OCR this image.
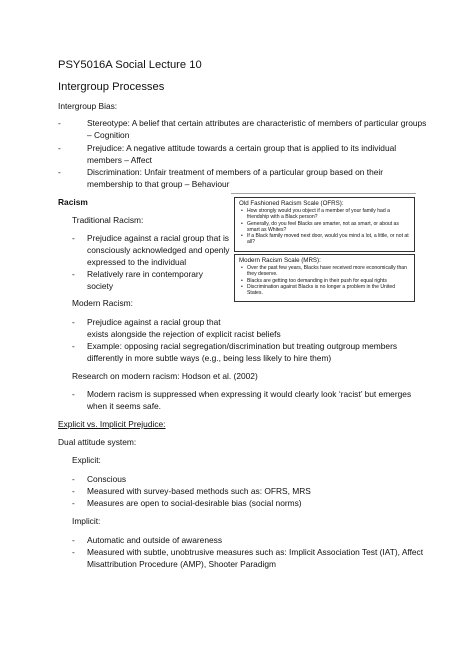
PSY5016A Social Lecture 10
Intergroup Processes
Intergroup Bias:
-	Stereotype: A belief that certain attributes are characteristic of members of particular groups
– Cognition
-	Prejudice: A negative attitude towards a certain group that is applied to its individual
members – Affect
-	Discrimination: Unfair treatment of members of a particular group based on their
membership to that group – Behaviour
Racism
Traditional Racism:
- Prejudice against a racial group that is
consciously acknowledged and openly
expressed to the individual
- Relatively rare in contemporary
society
Modern Racism:
- Prejudice against a racial group that
exists alongside the rejection of explicit racist beliefs
- Example: opposing racial segregation/discrimination but treating outgroup members
differently in more subtle ways (e.g., being less likely to hire them)
Research on modern racism: Hodson et al. (2002)
- Modern racism is suppressed when expressing it would clearly look ‘racist’ but emerges
when it seems safe.
Explicit vs. Implicit Prejudice:
Dual attitude system:
Explicit:
- Conscious
- Measured with survey-based methods such as: OFRS, MRS
- Measures are open to social-desirable bias (social norms)
Implicit:
- Automatic and outside of awareness
- Measured with subtle, unobtrusive measures such as: Implicit Association Test (IAT), Affect
Misattribution Procedure (AMP), Shooter Paradigm
Old Fashioned Racism Scale (OFRS):
• How strongly would you object if a member of your family had a friendship with a Black person?
• Generally, do you feel Blacks are smarter, not as smart, or about as smart as Whites?
• If a Black family moved next door, would you mind a lot, a little, or not at all?
Modern Racism Scale (MRS):
• Over the past few years, Blacks have received more economically than they deserve.
• Blacks are getting too demanding in their push for equal rights
• Discrimination against Blacks is no longer a problem in the United States.
